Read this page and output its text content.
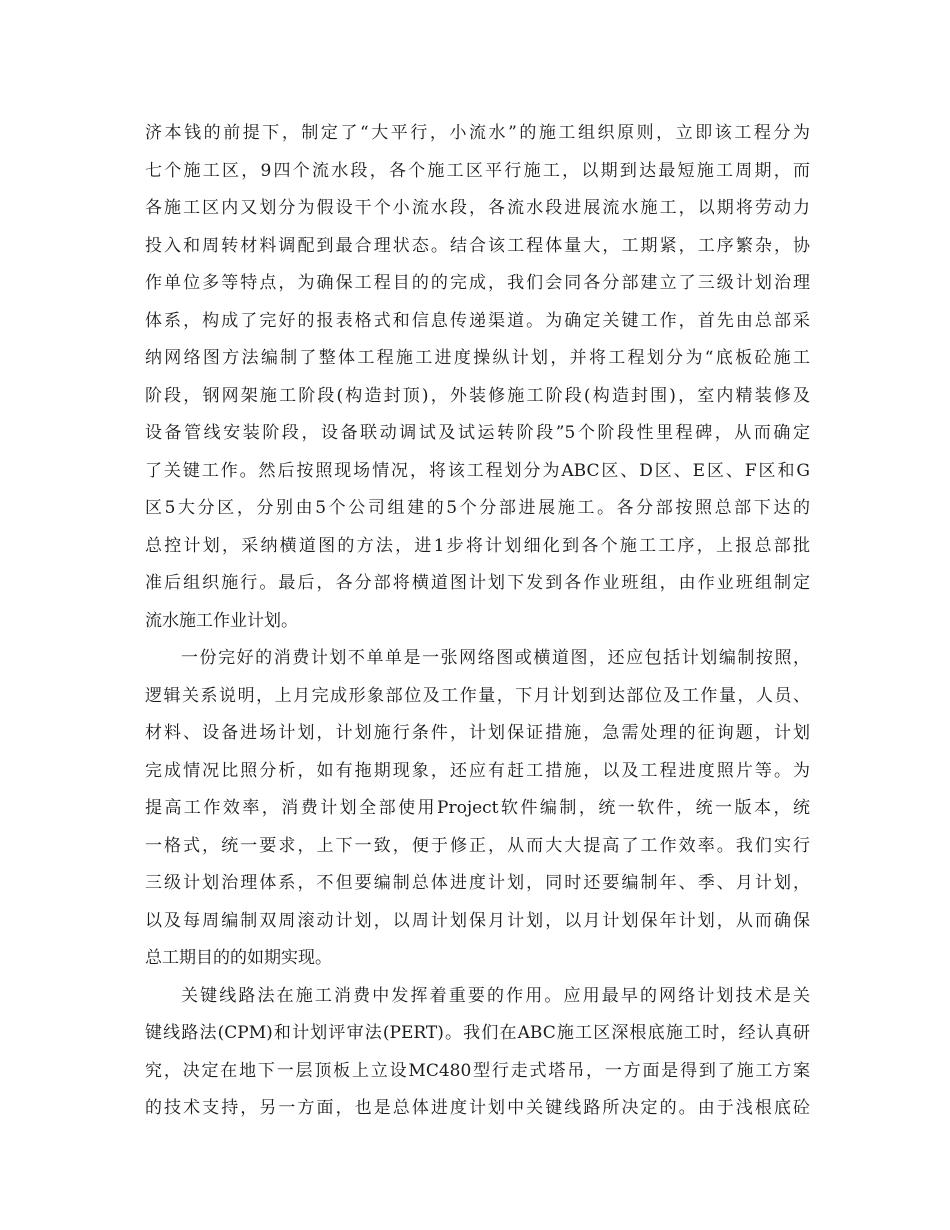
济本钱的前提下，制定了“大平行，小流水”的施工组织原则，立即该工程分为
七个施工区，9四个流水段，各个施工区平行施工，以期到达最短施工周期，而
各施工区内又划分为假设干个小流水段，各流水段进展流水施工，以期将劳动力
投入和周转材料调配到最合理状态。结合该工程体量大，工期紧，工序繁杂，协
作单位多等特点，为确保工程目的的完成，我们会同各分部建立了三级计划治理
体系，构成了完好的报表格式和信息传递渠道。为确定关键工作，首先由总部采
纳网络图方法编制了整体工程施工进度操纵计划，并将工程划分为“底板砼施工
阶段，钢网架施工阶段(构造封顶)，外装修施工阶段(构造封围)，室内精装修及
设备管线安装阶段，设备联动调试及试运转阶段”5个阶段性里程碑，从而确定
了关键工作。然后按照现场情况，将该工程划分为ABC区、D区、E区、F区和G
区5大分区，分别由5个公司组建的5个分部进展施工。各分部按照总部下达的
总控计划，采纳横道图的方法，进1步将计划细化到各个施工工序，上报总部批
准后组织施行。最后，各分部将横道图计划下发到各作业班组，由作业班组制定
流水施工作业计划。
一份完好的消费计划不单单是一张网络图或横道图，还应包括计划编制按照，
逻辑关系说明，上月完成形象部位及工作量，下月计划到达部位及工作量，人员、
材料、设备进场计划，计划施行条件，计划保证措施，急需处理的征询题，计划
完成情况比照分析，如有拖期现象，还应有赶工措施，以及工程进度照片等。为
提高工作效率，消费计划全部使用Project软件编制，统一软件，统一版本，统
一格式，统一要求，上下一致，便于修正，从而大大提高了工作效率。我们实行
三级计划治理体系，不但要编制总体进度计划，同时还要编制年、季、月计划，
以及每周编制双周滚动计划，以周计划保月计划，以月计划保年计划，从而确保
总工期目的的如期实现。
关键线路法在施工消费中发挥着重要的作用。应用最早的网络计划技术是关
键线路法(CPM)和计划评审法(PERT)。我们在ABC施工区深根底施工时，经认真研
究，决定在地下一层顶板上立设MC480型行走式塔吊，一方面是得到了施工方案
的技术支持，另一方面，也是总体进度计划中关键线路所决定的。由于浅根底砼
